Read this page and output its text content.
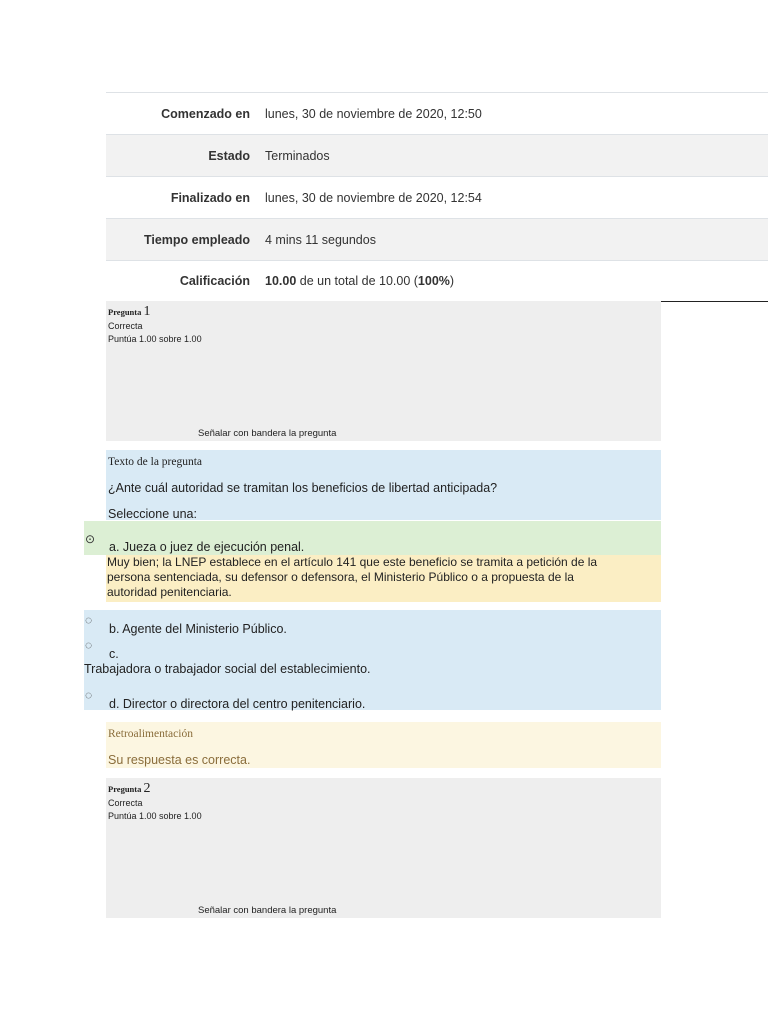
Comenzado en	lunes, 30 de noviembre de 2020, 12:50
Estado	Terminados
Finalizado en	lunes, 30 de noviembre de 2020, 12:54
Tiempo empleado	4 mins 11 segundos
Calificación	10.00 de un total de 10.00 (100%)
Pregunta 1
Correcta
Puntúa 1.00 sobre 1.00
Señalar con bandera la pregunta
Texto de la pregunta
¿Ante cuál autoridad se tramitan los beneficios de libertad anticipada?
Seleccione una:
⊙
a. Jueza o juez de ejecución penal.
Muy bien; la LNEP establece en el artículo 141 que este beneficio se tramita a petición de la
persona sentenciada, su defensor o defensora, el Ministerio Público o a propuesta de la
autoridad penitenciaria.
◌
b. Agente del Ministerio Público.
◌
c.
Trabajadora o trabajador social del establecimiento.
◌
d. Director o directora del centro penitenciario.
Retroalimentación
Su respuesta es correcta.
Pregunta 2
Correcta
Puntúa 1.00 sobre 1.00
Señalar con bandera la pregunta
